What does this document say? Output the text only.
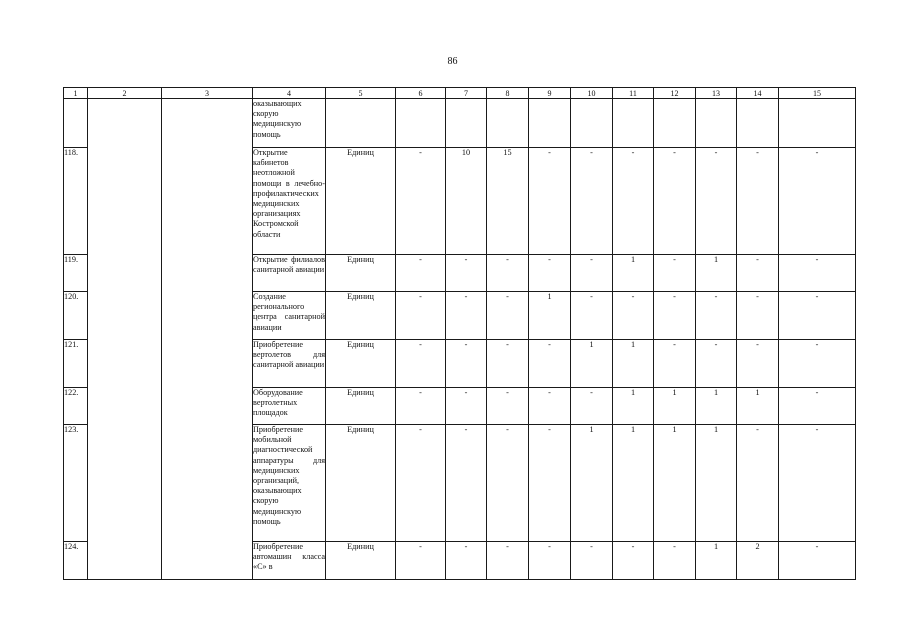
86
1	2	3	4	5	6	7	8	9	10	11	12	13	14	15
			оказывающих скорую медицинскую помощь											
118.			Открытие кабинетов неотложной помощи в лечебно-профилактических медицинских организациях Костромской области	Единиц	-	10	15	-	-	-	-	-	-	-
119.			Открытие филиалов санитарной авиации	Единиц	-	-	-	-	-	1	-	1	-	-
120.			Создание регионального центра санитарной авиации	Единиц	-	-	-	1	-	-	-	-	-	-
121.			Приобретение вертолетов для санитарной авиации	Единиц	-	-	-	-	1	1	-	-	-	-
122.			Оборудование вертолетных площадок	Единиц	-	-	-	-	-	1	1	1	1	-
123.			Приобретение мобильной диагностической аппаратуры для медицинских организаций, оказывающих скорую медицинскую помощь	Единиц	-	-	-	-	1	1	1	1	-	-
124.			Приобретение автомашин класса «С» в	Единиц	-	-	-	-	-	-	-	1	2	-
